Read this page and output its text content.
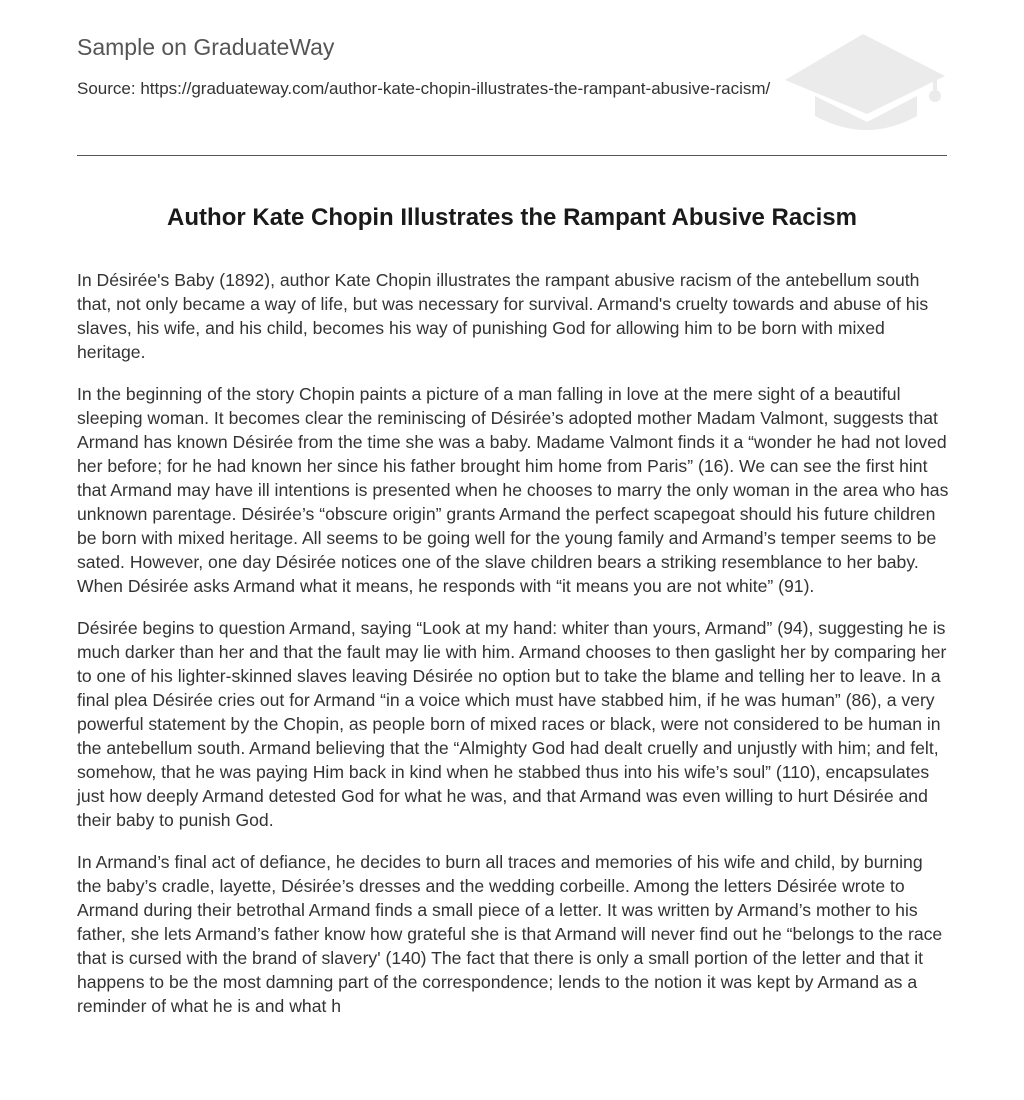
Sample on GraduateWay
Source: https://graduateway.com/author-kate-chopin-illustrates-the-rampant-abusive-racism/
Author Kate Chopin Illustrates the Rampant Abusive Racism

In Désirée's Baby (1892), author Kate Chopin illustrates the rampant abusive racism of the antebellum south that, not only became a way of life, but was necessary for survival. Armand's cruelty towards and abuse of his slaves, his wife, and his child, becomes his way of punishing God for allowing him to be born with mixed heritage.

In the beginning of the story Chopin paints a picture of a man falling in love at the mere sight of a beautiful sleeping woman. It becomes clear the reminiscing of Désirée’s adopted mother Madam Valmont, suggests that Armand has known Désirée from the time she was a baby. Madame Valmont finds it a “wonder he had not loved her before; for he had known her since his father brought him home from Paris” (16). We can see the first hint that Armand may have ill intentions is presented when he chooses to marry the only woman in the area who has unknown parentage. Désirée’s “obscure origin” grants Armand the perfect scapegoat should his future children be born with mixed heritage. All seems to be going well for the young family and Armand’s temper seems to be sated. However, one day Désirée notices one of the slave children bears a striking resemblance to her baby. When Désirée asks Armand what it means, he responds with “it means you are not white” (91).

Désirée begins to question Armand, saying “Look at my hand: whiter than yours, Armand” (94), suggesting he is much darker than her and that the fault may lie with him. Armand chooses to then gaslight her by comparing her to one of his lighter-skinned slaves leaving Désirée no option but to take the blame and telling her to leave. In a final plea Désirée cries out for Armand “in a voice which must have stabbed him, if he was human” (86), a very powerful statement by the Chopin, as people born of mixed races or black, were not considered to be human in the antebellum south. Armand believing that the “Almighty God had dealt cruelly and unjustly with him; and felt, somehow, that he was paying Him back in kind when he stabbed thus into his wife’s soul” (110), encapsulates just how deeply Armand detested God for what he was, and that Armand was even willing to hurt Désirée and their baby to punish God.

In Armand’s final act of defiance, he decides to burn all traces and memories of his wife and child, by burning the baby’s cradle, layette, Désirée’s dresses and the wedding corbeille. Among the letters Désirée wrote to Armand during their betrothal Armand finds a small piece of a letter. It was written by Armand’s mother to his father, she lets Armand’s father know how grateful she is that Armand will never find out he “belongs to the race that is cursed with the brand of slavery' (140) The fact that there is only a small portion of the letter and that it happens to be the most damning part of the correspondence; lends to the notion it was kept by Armand as a reminder of what he is and what h
